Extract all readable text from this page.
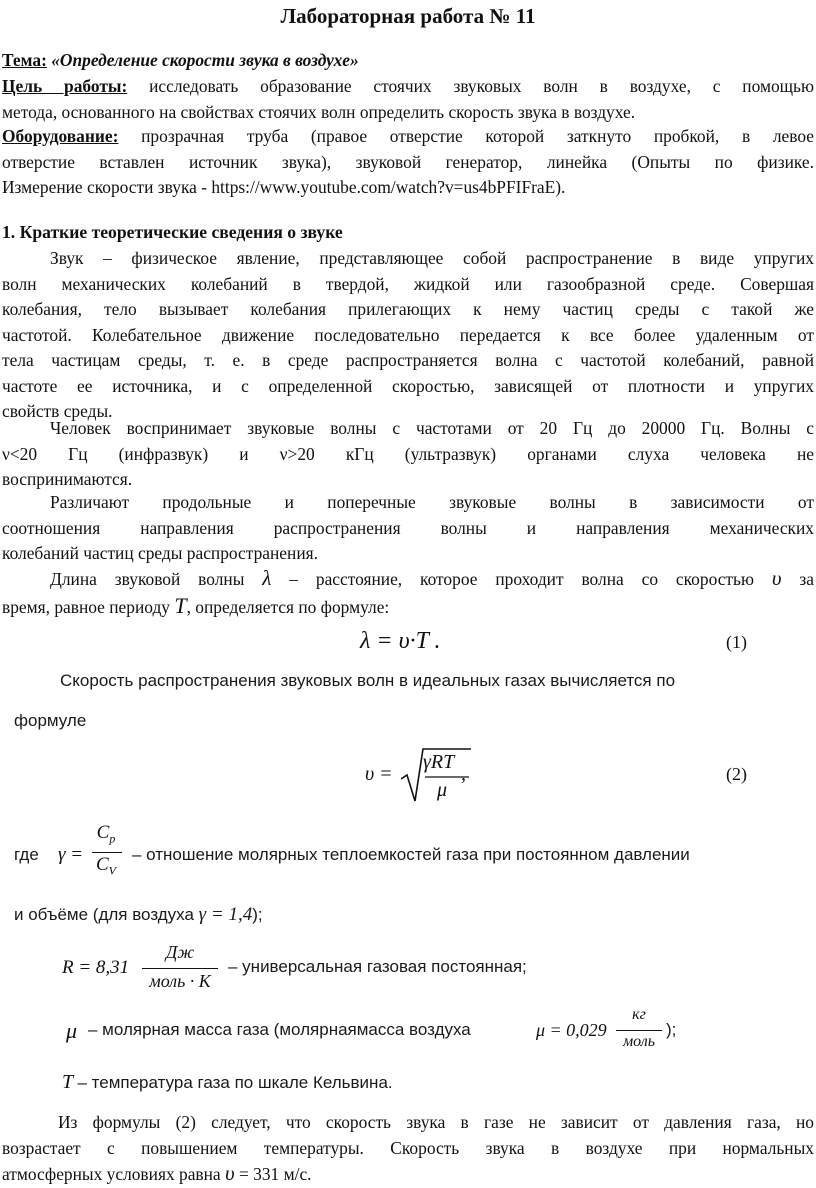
Лабораторная работа № 11
Тема: «Определение скорости звука в воздухе»
Цель работы: исследовать образование стоячих звуковых волн в воздухе, с помощью
метода, основанного на свойствах стоячих волн определить скорость звука в воздухе.
Оборудование: прозрачная труба (правое отверстие которой заткнуто пробкой, в левое
отверстие вставлен источник звука), звуковой генератор, линейка (Опыты по физике.
Измерение скорости звука - https://www.youtube.com/watch?v=us4bPFIFraE).
1. Краткие теоретические сведения о звуке
Звук – физическое явление, представляющее собой распространение в виде упругих
волн механических колебаний в твердой, жидкой или газообразной среде. Совершая
колебания, тело вызывает колебания прилегающих к нему частиц среды с такой же
частотой. Колебательное движение последовательно передается к все более удаленным от
тела частицам среды, т. е. в среде распространяется волна с частотой колебаний, равной
частоте ее источника, и с определенной скоростью, зависящей от плотности и упругих
свойств среды.
Человек воспринимает звуковые волны с частотами от 20 Гц до 20000 Гц. Волны с
ν<20 Гц (инфразвук) и ν>20 кГц (ультразвук) органами слуха человека не
воспринимаются.
Различают продольные и поперечные звуковые волны в зависимости от
соотношения направления распространения волны и направления механических
колебаний частиц среды распространения.
Длина звуковой волны λ – расстояние, которое проходит волна со скоростью υ за
время, равное периоду T, определяется по формуле:
λ = υ·T .	(1)
Скорость распространения звуковых волн в идеальных газах вычисляется по
формуле
υ =
γRT
μ
,	(2)
где γ =
$C_p$
$C_V$
– отношение молярных теплоемкостей газа при постоянном давлении
и объёме (для воздуха γ = 1,4);
R = 8,31
Дж
моль · K
– универсальная газовая постоянная;
μ – молярная масса газа (молярнаямасса воздуха	μ = 0,029
кг
моль
);
T – температура газа по шкале Кельвина.
Из формулы (2) следует, что скорость звука в газе не зависит от давления газа, но
возрастает с повышением температуры. Скорость звука в воздухе при нормальных
атмосферных условиях равна υ = 331 м/с.
